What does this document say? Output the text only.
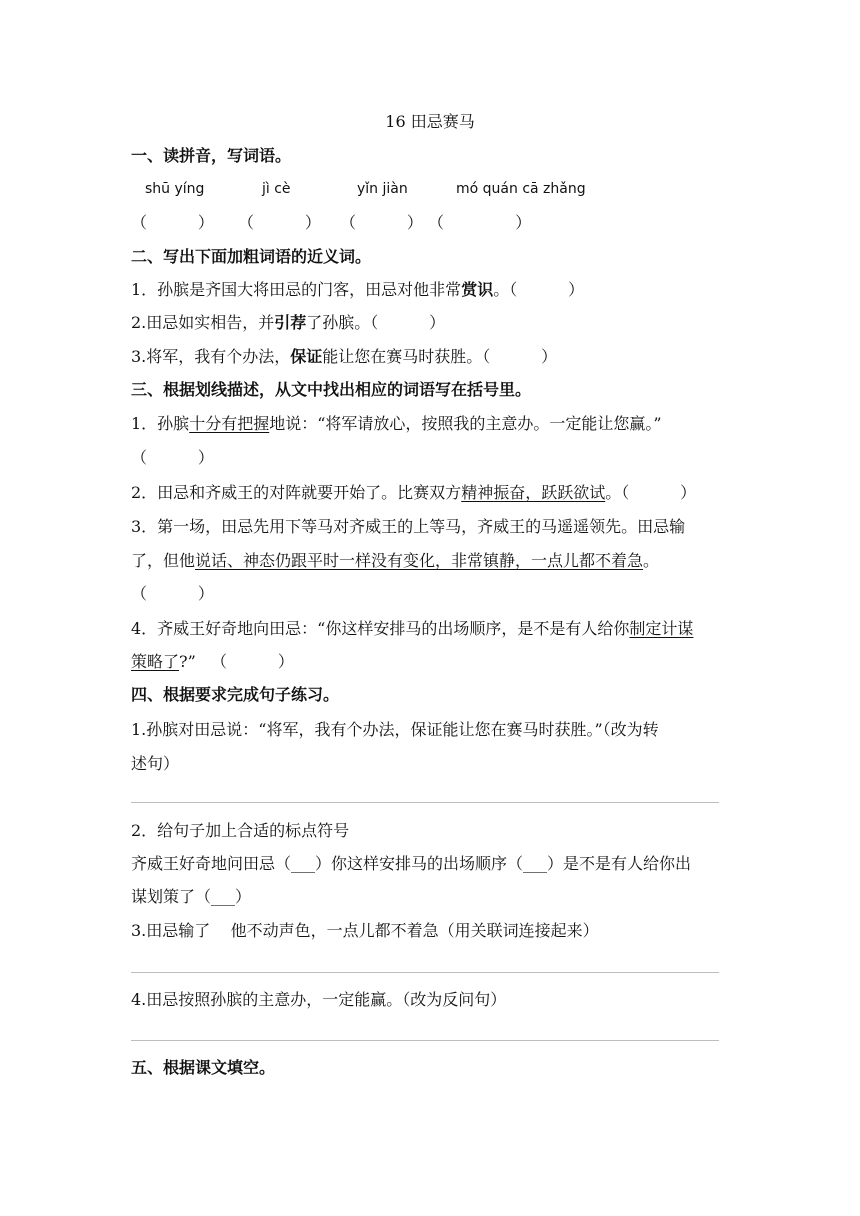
16 田忌赛马
一、读拼音，写词语。
shū yíng	jì cè	yǐn jiàn	mó quán cā zhǎng
（          ） （          ） （          ） （              ）
二、写出下面加粗词语的近义词。
1．孙膑是齐国大将田忌的门客，田忌对他非常赏识。（          ）
2.田忌如实相告，并引荐了孙膑。（          ）
3.将军，我有个办法，保证能让您在赛马时获胜。（          ）
三、根据划线描述，从文中找出相应的词语写在括号里。
1．孙膑十分有把握地说：“将军请放心，按照我的主意办。一定能让您赢。”
（          ）
2．田忌和齐威王的对阵就要开始了。比赛双方精神振奋，跃跃欲试。（          ）
3．第一场，田忌先用下等马对齐威王的上等马，齐威王的马遥遥领先。田忌输
了，但他说话、神态仍跟平时一样没有变化，非常镇静，一点儿都不着急。
（          ）
4．齐威王好奇地向田忌：“你这样安排马的出场顺序，是不是有人给你制定计谋
策略了?”   （          ）
四、根据要求完成句子练习。
1.孙膑对田忌说：“将军，我有个办法，保证能让您在赛马时获胜。”（改为转
述句）
2．给句子加上合适的标点符号
齐威王好奇地问田忌（___）你这样安排马的出场顺序（___）是不是有人给你出
谋划策了（___）
3.田忌输了    他不动声色，一点儿都不着急（用关联词连接起来）
4.田忌按照孙膑的主意办，一定能赢。（改为反问句）
五、根据课文填空。
